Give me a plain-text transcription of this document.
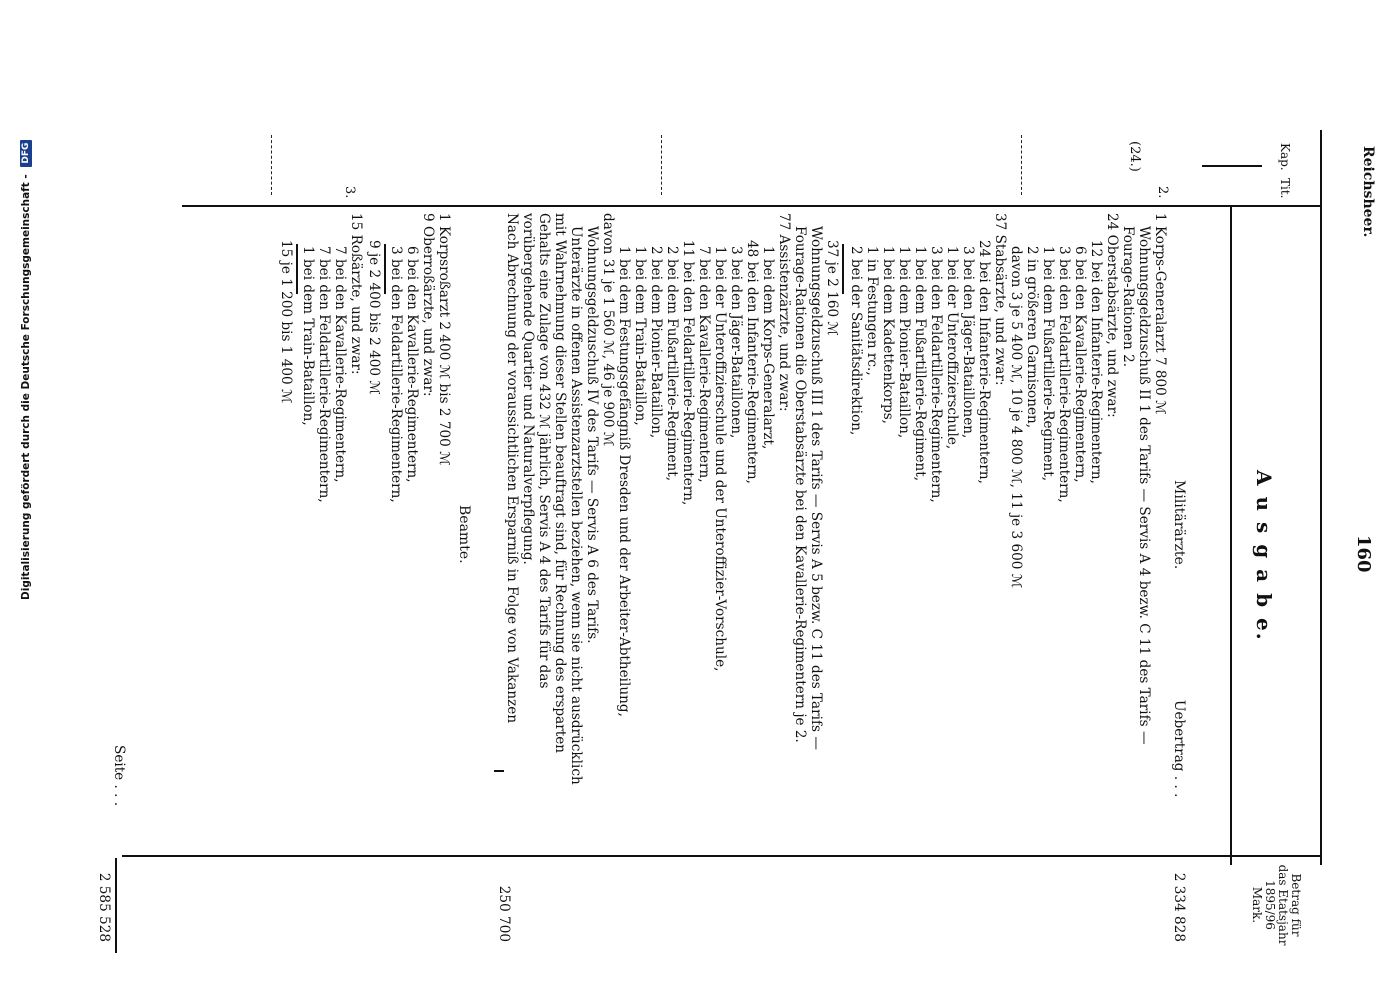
Reichsheer.
160
Kap.
Tit.
A u s g a b e.
Betrag für
das Etatsjahr
1895/96
Mark.
(24.)
2.
3.
Militärärzte.
Uebertrag . . .
2 334 828
1 Korps-Generalarzt 7 800 ℳ
Wohnungsgeldzuschuß II 1 des Tarifs — Servis A 4 bezw. C 11 des Tarifs —
Fourage-Rationen 2.
24 Oberstabsärzte, und zwar:
12 bei den Infanterie-Regimentern,
6 bei den Kavallerie-Regimentern,
3 bei den Feldartillerie-Regimentern,
1 bei dem Fußartillerie-Regiment,
2 in größeren Garnisonen,
davon 3 je 5 400 ℳ, 10 je 4 800 ℳ, 11 je 3 600 ℳ
37 Stabsärzte, und zwar:
24 bei den Infanterie-Regimentern,
3 bei den Jäger-Bataillonen,
1 bei der Unteroffizierschule,
3 bei den Feldartillerie-Regimentern,
1 bei dem Fußartillerie-Regiment,
1 bei dem Pionier-Bataillon,
1 bei dem Kadettenkorps,
1 in Festungen rc.,
2 bei der Sanitätsdirektion,
37 je 2 160 ℳ
Wohnungsgeldzuschuß III 1 des Tarifs — Servis A 5 bezw. C 11 des Tarifs —
Fourage-Rationen die Oberstabsärzte bei den Kavallerie-Regimentern je 2.
77 Assistenzärzte, und zwar:
1 bei dem Korps-Generalarzt,
48 bei den Infanterie-Regimentern,
3 bei den Jäger-Bataillonen,
1 bei der Unteroffizierschule und der Unteroffizier-Vorschule,
7 bei den Kavallerie-Regimentern,
11 bei den Feldartillerie-Regimentern,
2 bei dem Fußartillerie-Regiment,
2 bei dem Pionier-Bataillon,
1 bei dem Train-Bataillon,
1 bei dem Festungsgefängniß Dresden und der Arbeiter-Abtheilung,
davon 31 je 1 560 ℳ, 46 je 900 ℳ
Wohnungsgeldzuschuß IV des Tarifs — Servis A 6 des Tarifs.
Unterärzte in offenen Assistenzarztstellen beziehen, wenn sie nicht ausdrücklich
mit Wahrnehmung dieser Stellen beauftragt sind, für Rechnung des ersparten
Gehalts eine Zulage von 432 ℳ jährlich, Servis A 4 des Tarifs für das
vorübergehende Quartier und Naturalverpflegung.
Nach Abrechnung der voraussichtlichen Ersparniß in Folge von Vakanzen
250 700
Beamte.
1 Korpsroßarzt 2 400 ℳ bis 2 700 ℳ
9 Oberroßärzte, und zwar:
6 bei den Kavallerie-Regimentern,
3 bei den Feldartillerie-Regimentern,
9 je 2 400 bis 2 400 ℳ
15 Roßärzte, und zwar:
7 bei den Kavallerie-Regimentern,
7 bei den Feldartillerie-Regimentern,
1 bei dem Train-Bataillon,
15 je 1 200 bis 1 400 ℳ
Seite . . .
2 585 528
Digitalisierung gefördert durch die Deutsche Forschungsgemeinschaft - DFG
